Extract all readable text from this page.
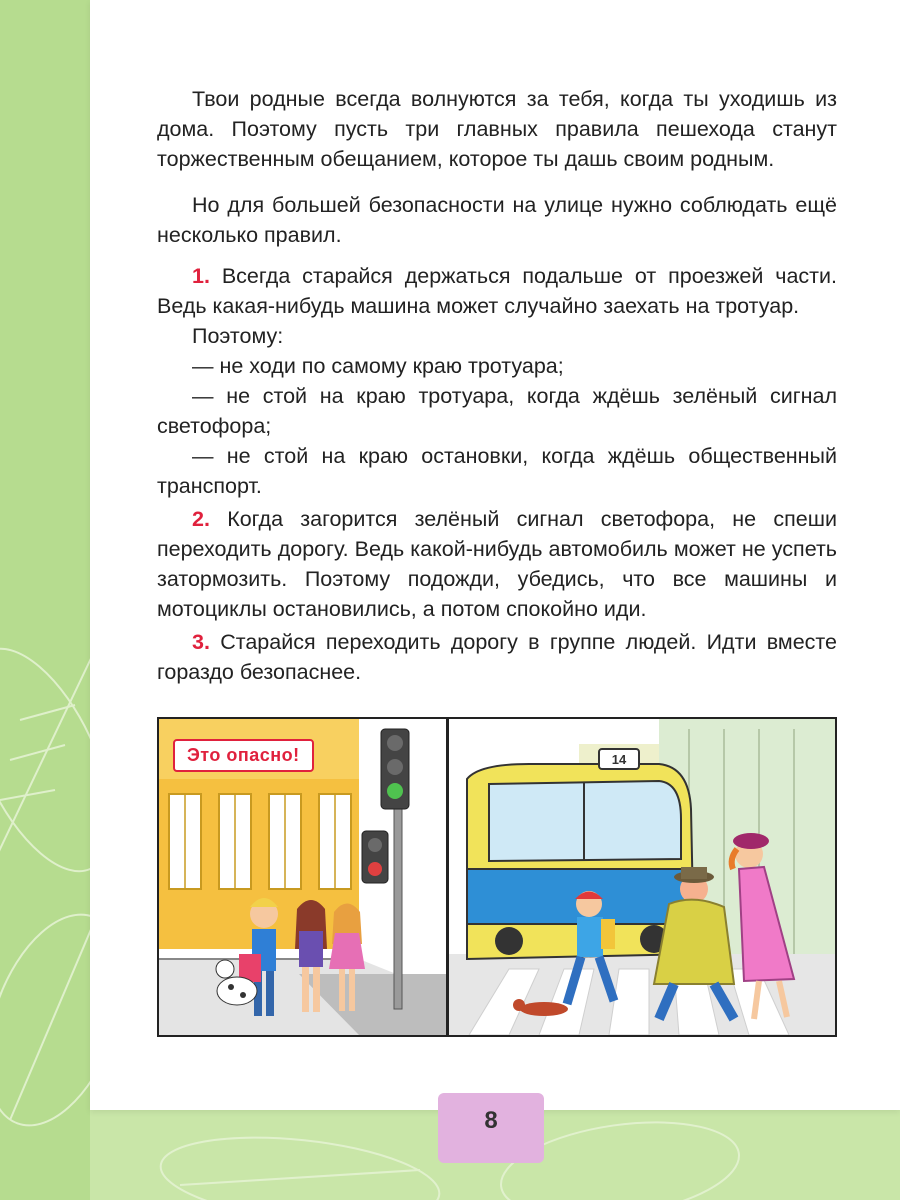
Твои родные всегда волнуются за тебя, когда ты уходишь из дома. Поэтому пусть три главных правила пешехода станут торжественным обещанием, которое ты дашь своим родным.

Но для большей безопасности на улице нужно соблюдать ещё несколько правил.

1. Всегда старайся держаться подальше от проезжей части. Ведь какая-нибудь машина может случайно заехать на тротуар.

Поэтому:

— не ходи по самому краю тротуара;

— не стой на краю тротуара, когда ждёшь зелёный сигнал светофора;

— не стой на краю остановки, когда ждёшь общественный транспорт.

2. Когда загорится зелёный сигнал светофора, не спеши переходить дорогу. Ведь какой-нибудь автомобиль может не успеть затормозить. Поэтому подожди, убедись, что все машины и мотоциклы остановились, а потом спокойно иди.

3. Старайся переходить дорогу в группе людей. Идти вместе гораздо безопаснее.

Это опасно!	14
8
